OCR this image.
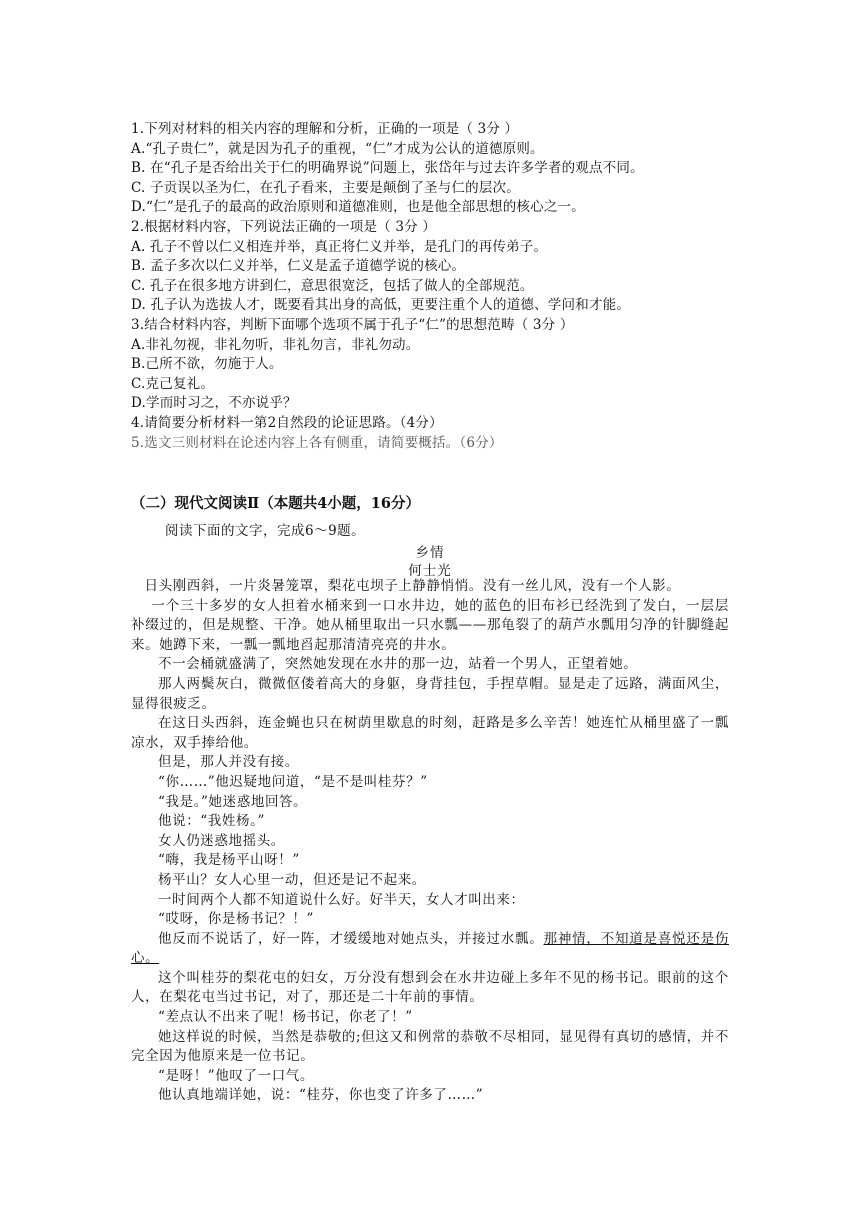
1.下列对材料的相关内容的理解和分析，正确的一项是（ 3分 ）
A.“孔子贵仁”，就是因为孔子的重视，“仁”才成为公认的道德原则。
B. 在“孔子是否给出关于仁的明确界说”问题上，张岱年与过去许多学者的观点不同。
C. 子贡误以圣为仁，在孔子看来，主要是颠倒了圣与仁的层次。
D.“仁”是孔子的最高的政治原则和道德准则，也是他全部思想的核心之一。
2.根据材料内容，下列说法正确的一项是（ 3分 ）
A. 孔子不曾以仁义相连并举，真正将仁义并举，是孔门的再传弟子。
B. 孟子多次以仁义并举，仁义是孟子道德学说的核心。
C. 孔子在很多地方讲到仁，意思很宽泛，包括了做人的全部规范。
D. 孔子认为选拔人才，既要看其出身的高低，更要注重个人的道德、学问和才能。
3.结合材料内容，判断下面哪个选项不属于孔子“仁”的思想范畴（ 3分 ）
A.非礼勿视，非礼勿听，非礼勿言，非礼勿动。
B.己所不欲，勿施于人。
C.克己复礼。
D.学而时习之，不亦说乎？
4.请简要分析材料一第2自然段的论证思路。（4分）
5.选文三则材料在论述内容上各有侧重，请简要概括。（6分）
（二）现代文阅读Ⅱ（本题共4小题，16分）
阅读下面的文字，完成6～9题。
乡情
何士光
日头刚西斜，一片炎暑笼罩，梨花屯坝子上静静悄悄。没有一丝儿风，没有一个人影。
一个三十多岁的女人担着水桶来到一口水井边，她的蓝色的旧布衫已经洗到了发白，一层层补缀过的，但是规整、干净。她从桶里取出一只水瓢——那龟裂了的葫芦水瓢用匀净的针脚缝起来。她蹲下来，一瓢一瓢地舀起那清清亮亮的井水。
不一会桶就盛满了，突然她发现在水井的那一边，站着一个男人，正望着她。
那人两鬓灰白，微微伛偻着高大的身躯，身背挂包，手捏草帽。显是走了远路，满面风尘，显得很疲乏。
在这日头西斜，连金蝇也只在树荫里歇息的时刻，赶路是多么辛苦！她连忙从桶里盛了一瓢凉水，双手捧给他。
但是，那人并没有接。
“你……”他迟疑地问道，“是不是叫桂芬？”
“我是。”她迷惑地回答。
他说：“我姓杨。”
女人仍迷惑地摇头。
“嗨，我是杨平山呀！”
杨平山？女人心里一动，但还是记不起来。
一时间两个人都不知道说什么好。好半天，女人才叫出来：
“哎呀，你是杨书记？！”
他反而不说话了，好一阵，才缓缓地对她点头，并接过水瓢。那神情，不知道是喜悦还是伤心。
这个叫桂芬的梨花屯的妇女，万分没有想到会在水井边碰上多年不见的杨书记。眼前的这个人，在梨花屯当过书记，对了，那还是二十年前的事情。
“差点认不出来了呢！杨书记，你老了！”
她这样说的时候，当然是恭敬的;但这又和例常的恭敬不尽相同，显见得有真切的感情，并不完全因为他原来是一位书记。
“是呀！”他叹了一口气。
他认真地端详她，说：“桂芬，你也变了许多了……”
